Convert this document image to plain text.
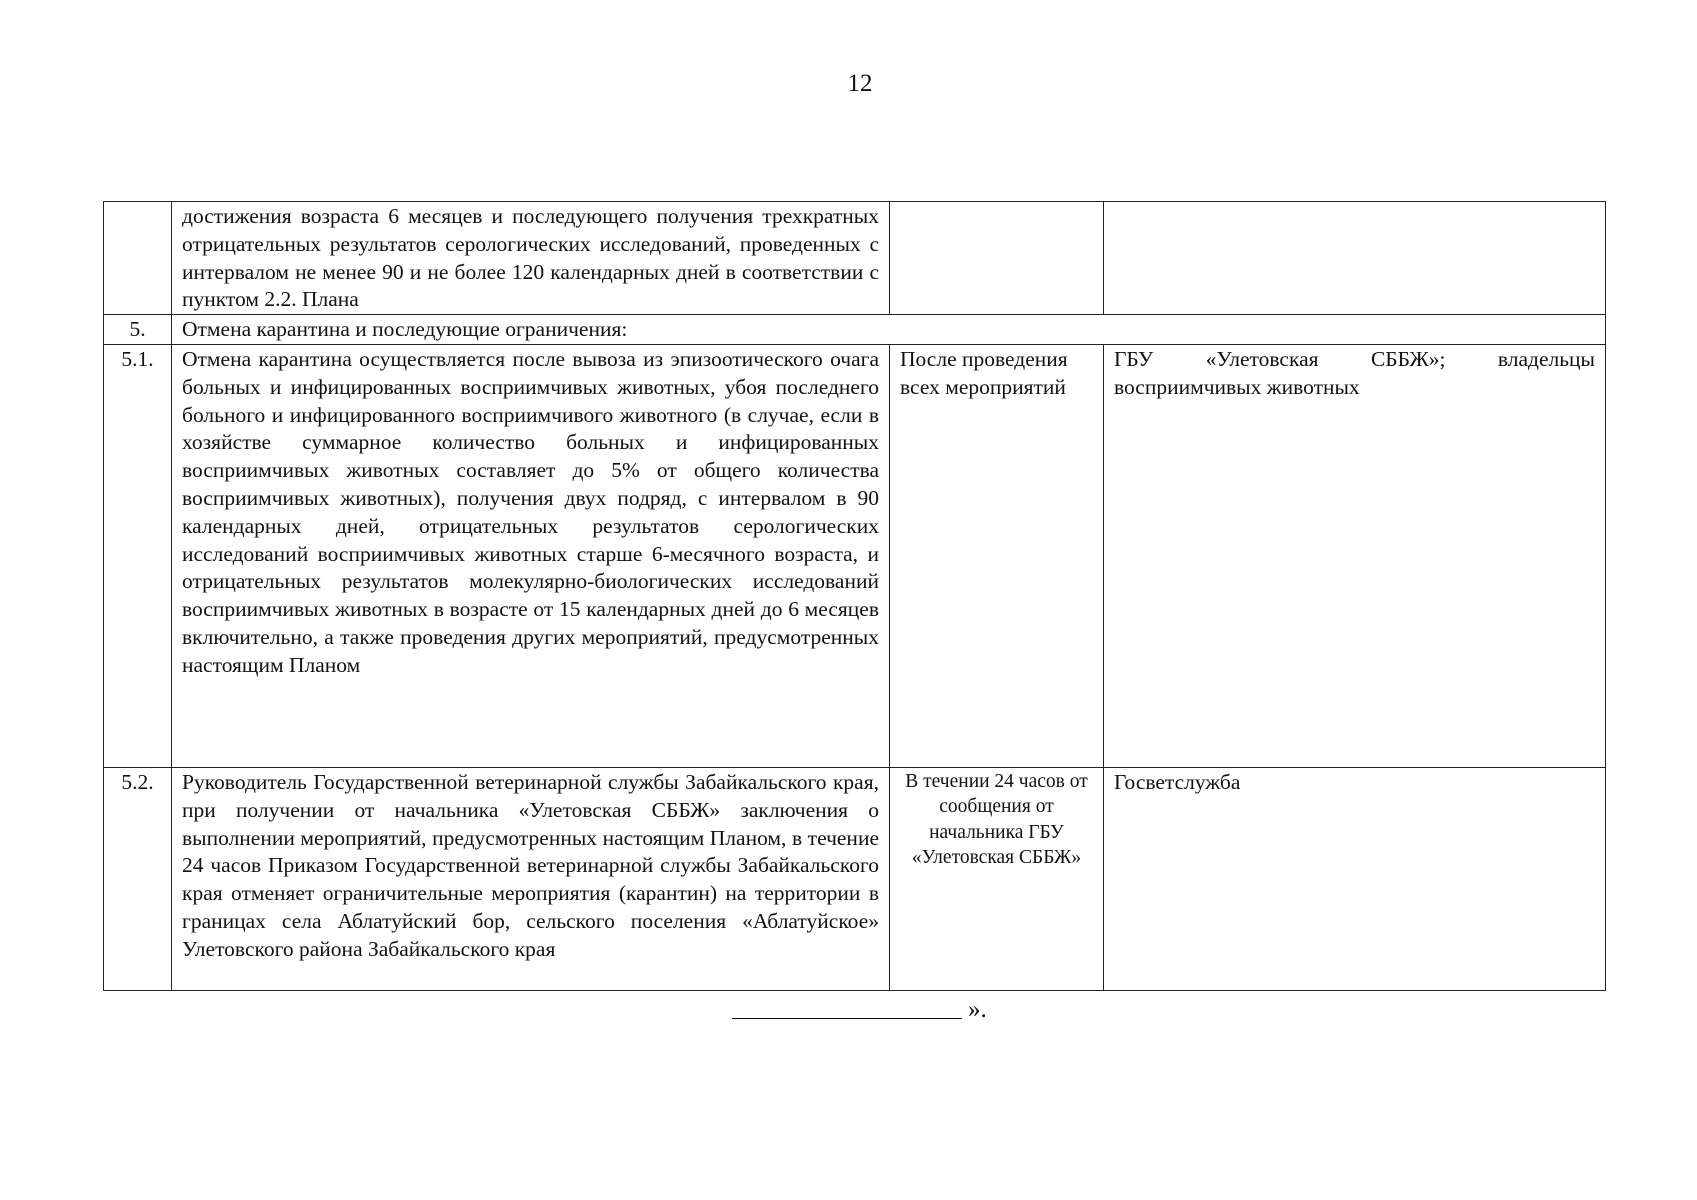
12
	достижения возраста 6 месяцев и последующего получения трехкратных отрицательных результатов серологических исследований, проведенных с интервалом не менее 90 и не более 120 календарных дней в соответствии с пунктом 2.2. Плана		
5.	Отмена карантина и последующие ограничения:		
5.1.	Отмена карантина осуществляется после вывоза из эпизоотического очага больных и инфицированных восприимчивых животных, убоя последнего больного и инфицированного восприимчивого животного (в случае, если в хозяйстве суммарное количество больных и инфицированных восприимчивых животных составляет до 5% от общего количества восприимчивых животных), получения двух подряд, с интервалом в 90 календарных дней, отрицательных результатов серологических исследований восприимчивых животных старше 6-месячного возраста, и отрицательных результатов молекулярно-биологических исследований восприимчивых животных в возрасте от 15 календарных дней до 6 месяцев включительно, а также проведения других мероприятий, предусмотренных настоящим Планом	После проведения всех мероприятий	ГБУ «Улетовская СББЖ»; владельцы восприимчивых животных
5.2.	Руководитель Государственной ветеринарной службы Забайкальского края, при получении от начальника «Улетовская СББЖ» заключения о выполнении мероприятий, предусмотренных настоящим Планом, в течение 24 часов Приказом Государственной ветеринарной службы Забайкальского края отменяет ограничительные мероприятия (карантин) на территории в границах села Аблатуйский бор, сельского поселения «Аблатуйское» Улетовского района Забайкальского края	В течении 24 часов от сообщения от начальника ГБУ «Улетовская СББЖ»	Госветслужба
».
